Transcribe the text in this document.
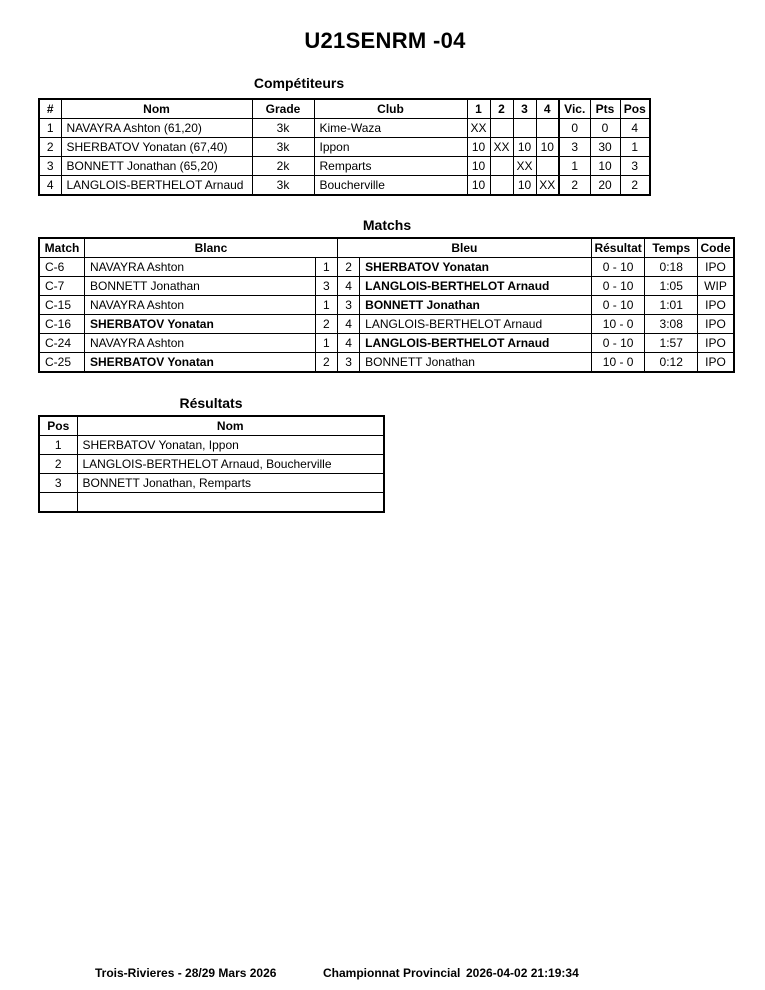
U21SENRM -04
Compétiteurs
#	Nom	Grade	Club	1	2	3	4	Vic.	Pts	Pos
1	NAVAYRA Ashton (61,20)	3k	Kime-Waza	XX				0	0	4
2	SHERBATOV Yonatan (67,40)	3k	Ippon	10	XX	10	10	3	30	1
3	BONNETT Jonathan (65,20)	2k	Remparts	10		XX		1	10	3
4	LANGLOIS-BERTHELOT Arnaud	3k	Boucherville	10		10	XX	2	20	2
Matchs
Match	Blanc		Bleu		Résultat	Temps	Code
C-6	NAVAYRA Ashton	1	2	SHERBATOV Yonatan	0 - 10	0:18	IPO
C-7	BONNETT Jonathan	3	4	LANGLOIS-BERTHELOT Arnaud	0 - 10	1:05	WIP
C-15	NAVAYRA Ashton	1	3	BONNETT Jonathan	0 - 10	1:01	IPO
C-16	SHERBATOV Yonatan	2	4	LANGLOIS-BERTHELOT Arnaud	10 - 0	3:08	IPO
C-24	NAVAYRA Ashton	1	4	LANGLOIS-BERTHELOT Arnaud	0 - 10	1:57	IPO
C-25	SHERBATOV Yonatan	2	3	BONNETT Jonathan	10 - 0	0:12	IPO
Résultats
Pos	Nom
1	SHERBATOV Yonatan, Ippon
2	LANGLOIS-BERTHELOT Arnaud, Boucherville
3	BONNETT Jonathan, Remparts

Trois-Rivieres - 28/29 Mars 2026	Championnat Provincial 2026-04-02 21:19:34
